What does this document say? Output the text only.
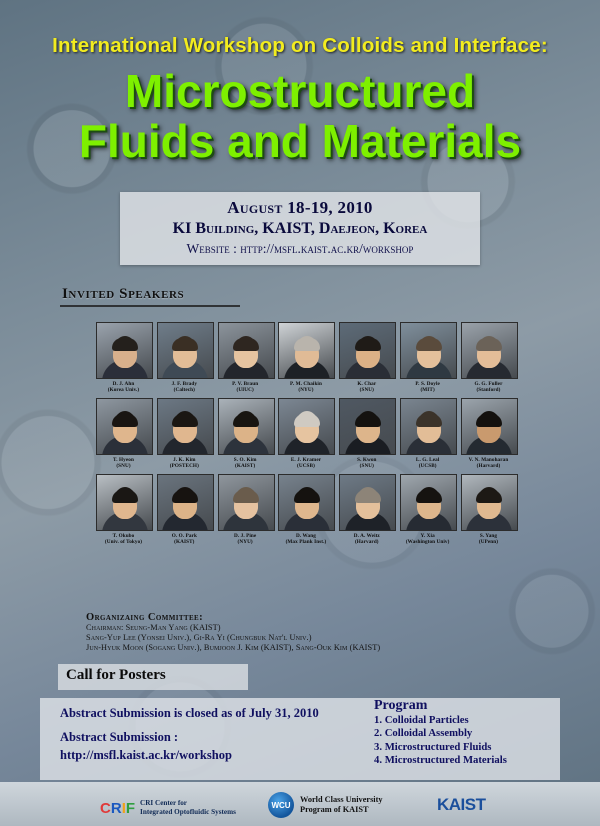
International Workshop on Colloids and Interface:
Microstructured
Fluids and Materials
August 18-19, 2010
KI Building, KAIST, Daejeon, Korea
Website : http://msfl.kaist.ac.kr/workshop
Invited Speakers
D. J. Ahn
(Korea Univ.)
J. F. Brady
(Caltech)
P. V. Braun
(UIUC)
P. M. Chaikin
(NYU)
K. Char
(SNU)
P. S. Doyle
(MIT)
G. G. Fuller
(Stanford)
T. Hyeon
(SNU)
J. K. Kim
(POSTECH)
S. O. Kim
(KAIST)
E. J. Kramer
(UCSB)
S. Kwon
(SNU)
L. G. Leal
(UCSB)
V. N. Manoharan
(Harvard)
T. Okubo
(Univ. of Tokyo)
O. O. Park
(KAIST)
D. J. Pine
(NYU)
D. Wang
(Max Plank Inst.)
D. A. Weitz
(Harvard)
Y. Xia
(Washington Univ)
S. Yang
(UPenn)
Organizaing Committee:
Chairman: Seung-Man Yang (KAIST)
Sang-Yup Lee (Yonsei Univ.), Gi-Ra Yi (Chungbuk Nat'l Univ.)
Jun-Hyuk Moon (Sogang Univ.), Bumjoon J. Kim (KAIST), Sang-Ouk Kim (KAIST)
Call for Posters
Abstract Submission is closed as of July 31, 2010
Abstract Submission :
http://msfl.kaist.ac.kr/workshop
Program
1. Colloidal Particles
2. Colloidal Assembly
3. Microstructured Fluids
4. Microstructured Materials
CRIF CRI Center for
Integrated Optofluidic Systems
WCU
World Class University
Program of KAIST	KAIST
